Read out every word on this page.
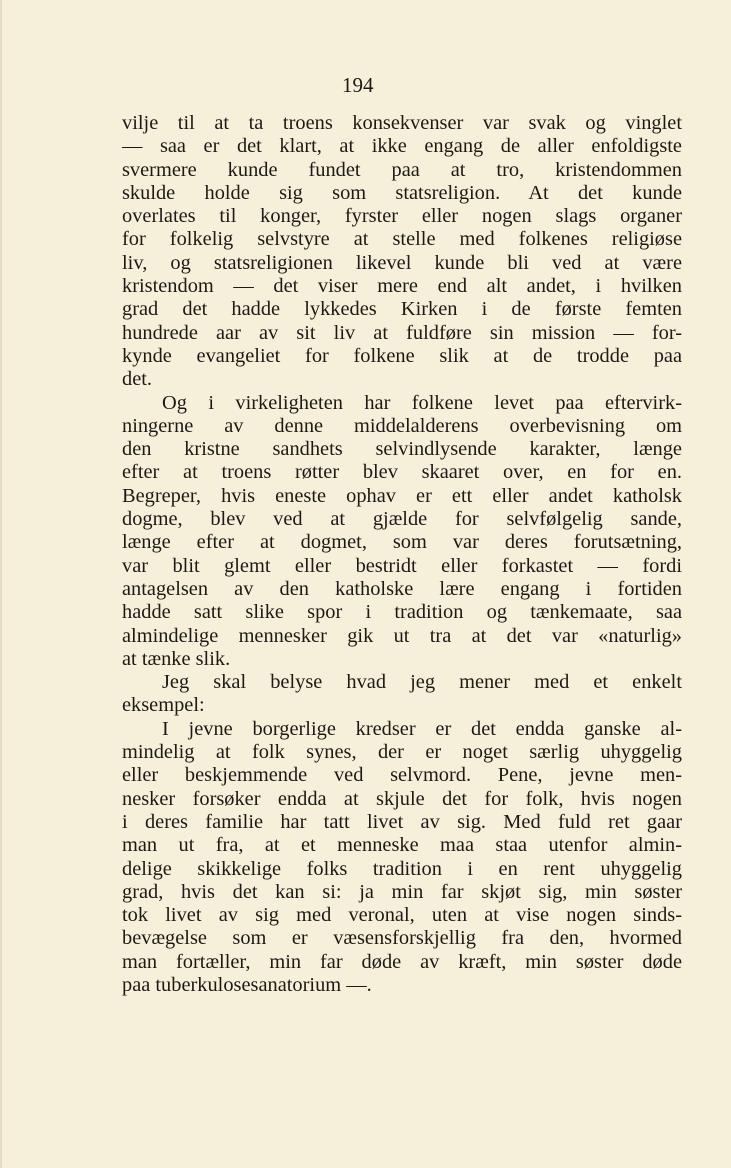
194
vilje til at ta troens konsekvenser var svak og vinglet
— saa er det klart, at ikke engang de aller enfoldigste
svermere kunde fundet paa at tro, kristendommen
skulde holde sig som statsreligion. At det kunde
overlates til konger, fyrster eller nogen slags organer
for folkelig selvstyre at stelle med folkenes religiøse
liv, og statsreligionen likevel kunde bli ved at være
kristendom — det viser mere end alt andet, i hvilken
grad det hadde lykkedes Kirken i de første femten
hundrede aar av sit liv at fuldføre sin mission — for-
kynde evangeliet for folkene slik at de trodde paa
det.
Og i virkeligheten har folkene levet paa eftervirk-
ningerne av denne middelalderens overbevisning om
den kristne sandhets selvindlysende karakter, længe
efter at troens røtter blev skaaret over, en for en.
Begreper, hvis eneste ophav er ett eller andet katholsk
dogme, blev ved at gjælde for selvfølgelig sande,
længe efter at dogmet, som var deres forutsætning,
var blit glemt eller bestridt eller forkastet — fordi
antagelsen av den katholske lære engang i fortiden
hadde satt slike spor i tradition og tænkemaate, saa
almindelige mennesker gik ut tra at det var «naturlig»
at tænke slik.
Jeg skal belyse hvad jeg mener med et enkelt
eksempel:
I jevne borgerlige kredser er det endda ganske al-
mindelig at folk synes, der er noget særlig uhyggelig
eller beskjemmende ved selvmord. Pene, jevne men-
nesker forsøker endda at skjule det for folk, hvis nogen
i deres familie har tatt livet av sig. Med fuld ret gaar
man ut fra, at et menneske maa staa utenfor almin-
delige skikkelige folks tradition i en rent uhyggelig
grad, hvis det kan si: ja min far skjøt sig, min søster
tok livet av sig med veronal, uten at vise nogen sinds-
bevægelse som er væsensforskjellig fra den, hvormed
man fortæller, min far døde av kræft, min søster døde
paa tuberkulosesanatorium —.
